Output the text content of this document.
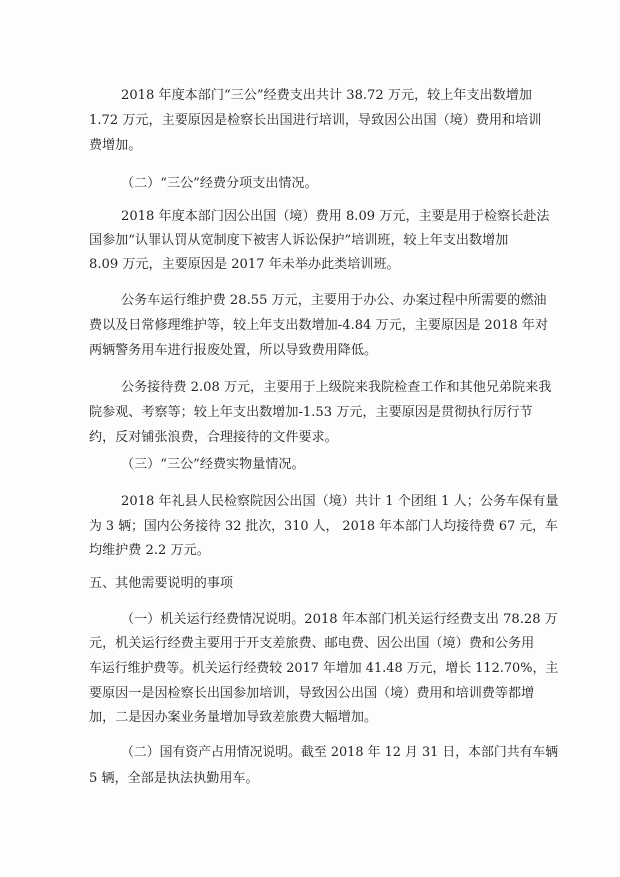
2018 年度本部门“三公”经费支出共计 38.72 万元，较上年支出数增加
1.72 万元，主要原因是检察长出国进行培训，导致因公出国（境）费用和培训
费增加。
（二）“三公”经费分项支出情况。
2018 年度本部门因公出国（境）费用 8.09 万元，主要是用于检察长赴法
国参加“认罪认罚从宽制度下被害人诉讼保护”培训班，较上年支出数增加
8.09 万元，主要原因是 2017 年未举办此类培训班。
公务车运行维护费 28.55 万元，主要用于办公、办案过程中所需要的燃油
费以及日常修理维护等，较上年支出数增加-4.84 万元，主要原因是 2018 年对
两辆警务用车进行报废处置，所以导致费用降低。
公务接待费 2.08 万元，主要用于上级院来我院检查工作和其他兄弟院来我
院参观、考察等；较上年支出数增加-1.53 万元，主要原因是贯彻执行厉行节
约，反对铺张浪费，合理接待的文件要求。
（三）“三公”经费实物量情况。
2018 年礼县人民检察院因公出国（境）共计 1 个团组 1 人；公务车保有量
为 3 辆；国内公务接待 32 批次，310 人， 2018 年本部门人均接待费 67 元，车
均维护费 2.2 万元。
五、其他需要说明的事项
（一）机关运行经费情况说明。2018 年本部门机关运行经费支出 78.28 万
元，机关运行经费主要用于开支差旅费、邮电费、因公出国（境）费和公务用
车运行维护费等。机关运行经费较 2017 年增加 41.48 万元，增长 112.70%，主
要原因一是因检察长出国参加培训，导致因公出国（境）费用和培训费等都增
加，二是因办案业务量增加导致差旅费大幅增加。
（二）国有资产占用情况说明。截至 2018 年 12 月 31 日，本部门共有车辆
5 辆，全部是执法执勤用车。
